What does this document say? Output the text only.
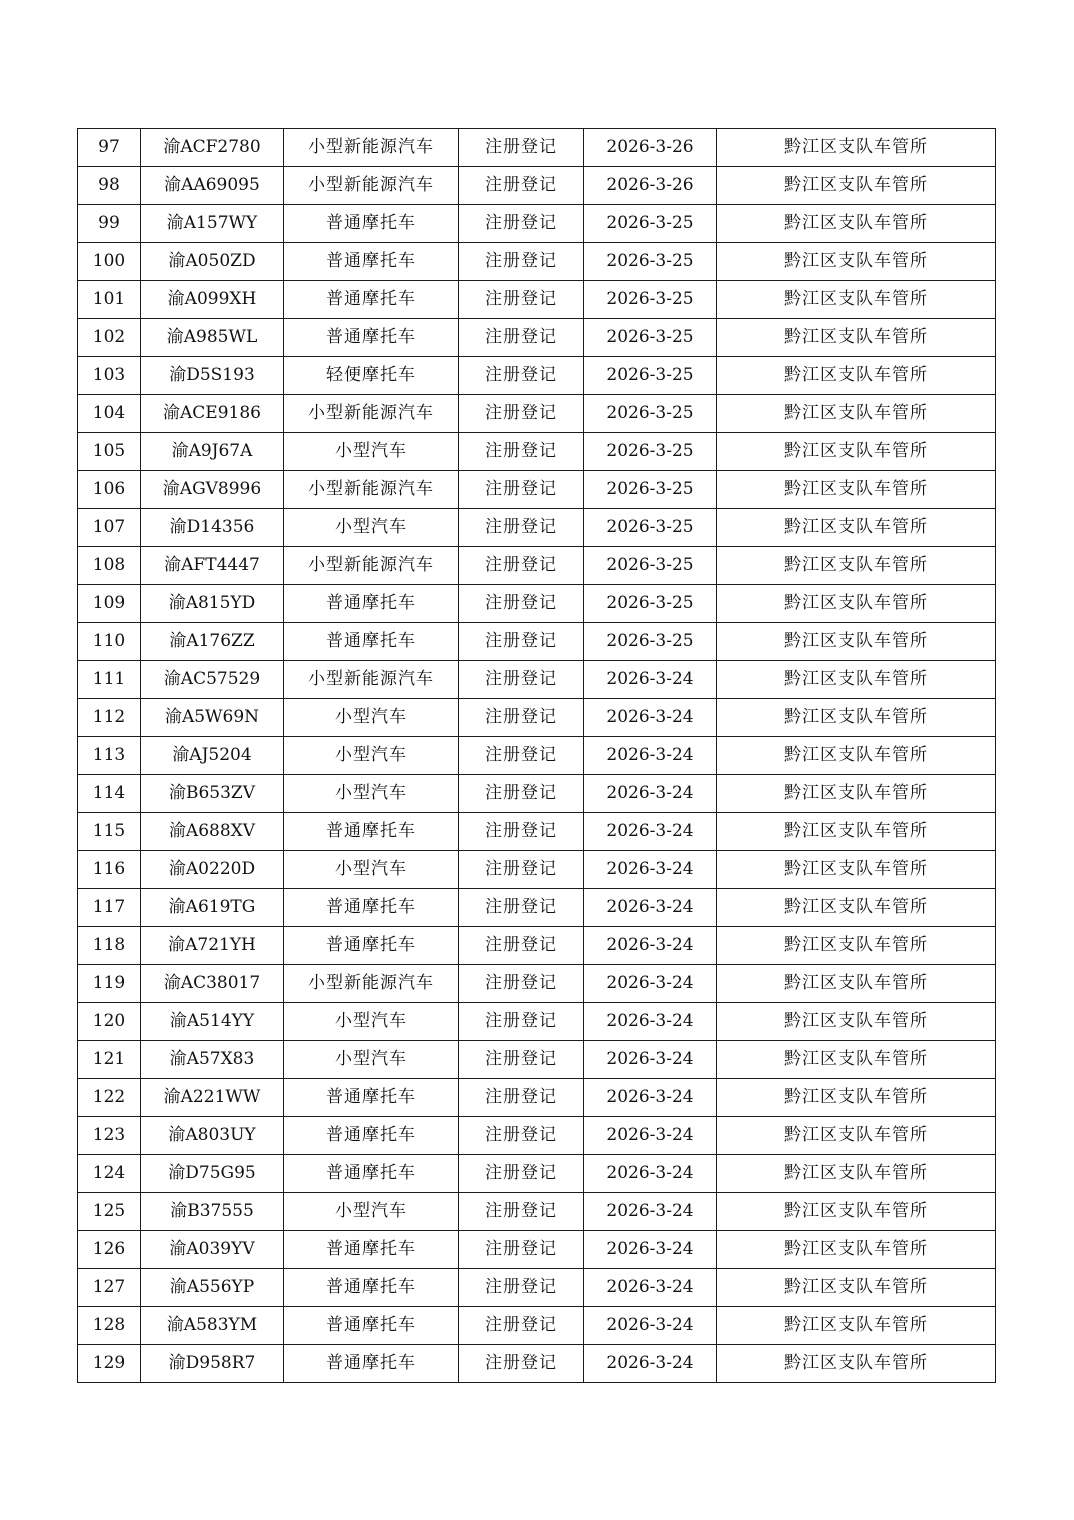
97	渝ACF2780	小型新能源汽车	注册登记	2026-3-26	黔江区支队车管所
98	渝AA69095	小型新能源汽车	注册登记	2026-3-26	黔江区支队车管所
99	渝A157WY	普通摩托车	注册登记	2026-3-25	黔江区支队车管所
100	渝A050ZD	普通摩托车	注册登记	2026-3-25	黔江区支队车管所
101	渝A099XH	普通摩托车	注册登记	2026-3-25	黔江区支队车管所
102	渝A985WL	普通摩托车	注册登记	2026-3-25	黔江区支队车管所
103	渝D5S193	轻便摩托车	注册登记	2026-3-25	黔江区支队车管所
104	渝ACE9186	小型新能源汽车	注册登记	2026-3-25	黔江区支队车管所
105	渝A9J67A	小型汽车	注册登记	2026-3-25	黔江区支队车管所
106	渝AGV8996	小型新能源汽车	注册登记	2026-3-25	黔江区支队车管所
107	渝D14356	小型汽车	注册登记	2026-3-25	黔江区支队车管所
108	渝AFT4447	小型新能源汽车	注册登记	2026-3-25	黔江区支队车管所
109	渝A815YD	普通摩托车	注册登记	2026-3-25	黔江区支队车管所
110	渝A176ZZ	普通摩托车	注册登记	2026-3-25	黔江区支队车管所
111	渝AC57529	小型新能源汽车	注册登记	2026-3-24	黔江区支队车管所
112	渝A5W69N	小型汽车	注册登记	2026-3-24	黔江区支队车管所
113	渝AJ5204	小型汽车	注册登记	2026-3-24	黔江区支队车管所
114	渝B653ZV	小型汽车	注册登记	2026-3-24	黔江区支队车管所
115	渝A688XV	普通摩托车	注册登记	2026-3-24	黔江区支队车管所
116	渝A0220D	小型汽车	注册登记	2026-3-24	黔江区支队车管所
117	渝A619TG	普通摩托车	注册登记	2026-3-24	黔江区支队车管所
118	渝A721YH	普通摩托车	注册登记	2026-3-24	黔江区支队车管所
119	渝AC38017	小型新能源汽车	注册登记	2026-3-24	黔江区支队车管所
120	渝A514YY	小型汽车	注册登记	2026-3-24	黔江区支队车管所
121	渝A57X83	小型汽车	注册登记	2026-3-24	黔江区支队车管所
122	渝A221WW	普通摩托车	注册登记	2026-3-24	黔江区支队车管所
123	渝A803UY	普通摩托车	注册登记	2026-3-24	黔江区支队车管所
124	渝D75G95	普通摩托车	注册登记	2026-3-24	黔江区支队车管所
125	渝B37555	小型汽车	注册登记	2026-3-24	黔江区支队车管所
126	渝A039YV	普通摩托车	注册登记	2026-3-24	黔江区支队车管所
127	渝A556YP	普通摩托车	注册登记	2026-3-24	黔江区支队车管所
128	渝A583YM	普通摩托车	注册登记	2026-3-24	黔江区支队车管所
129	渝D958R7	普通摩托车	注册登记	2026-3-24	黔江区支队车管所
